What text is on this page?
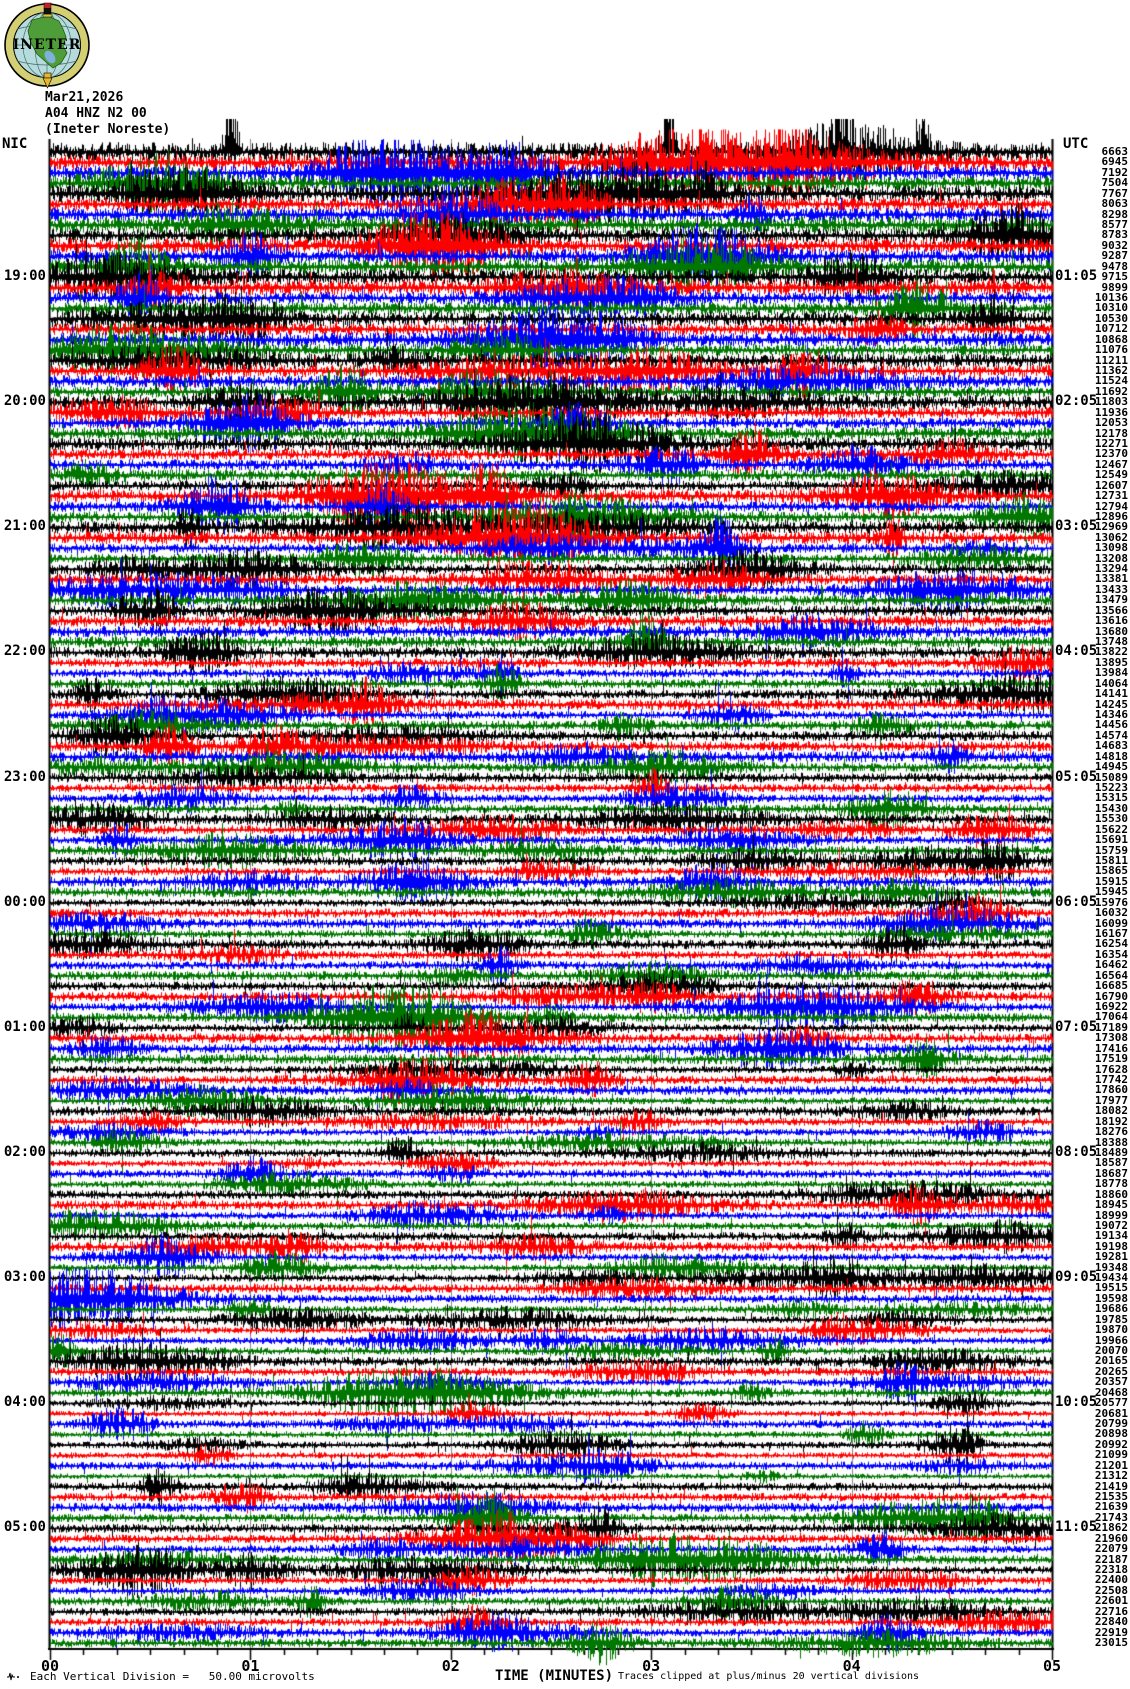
19:00
20:00
21:00
22:00
23:00
00:00
01:00
02:00
03:00
04:00
05:00
01:05
02:05
03:05
04:05
05:05
06:05
07:05
08:05
09:05
10:05
11:05
6663
6945
7192
7504
7767
8063
8298
8577
8783
9032
9287
9478
9715
9899
10136
10310
10530
10712
10868
11076
11211
11362
11524
11692
11803
11936
12053
12178
12271
12370
12467
12549
12607
12731
12794
12896
12969
13062
13098
13208
13294
13381
13433
13479
13566
13616
13680
13748
13822
13895
13984
14064
14141
14245
14346
14456
14574
14683
14818
14945
15089
15223
15315
15430
15530
15622
15691
15759
15811
15865
15915
15945
15976
16032
16099
16167
16254
16354
16462
16564
16685
16790
16922
17064
17189
17308
17416
17519
17628
17742
17860
17977
18082
18192
18276
18388
18489
18587
18687
18778
18860
18945
18999
19072
19134
19198
19281
19348
19434
19515
19598
19686
19785
19870
19966
20070
20165
20265
20357
20468
20577
20681
20799
20898
20992
21099
21201
21312
21419
21535
21639
21743
21862
21960
22079
22187
22318
22400
22508
22601
22716
22840
22919
23015
00	01	02	03	04	05
Each Vertical Division =   50.00 microvolts	TIME (MINUTES) Traces clipped at plus/minus 20 vertical divisions
